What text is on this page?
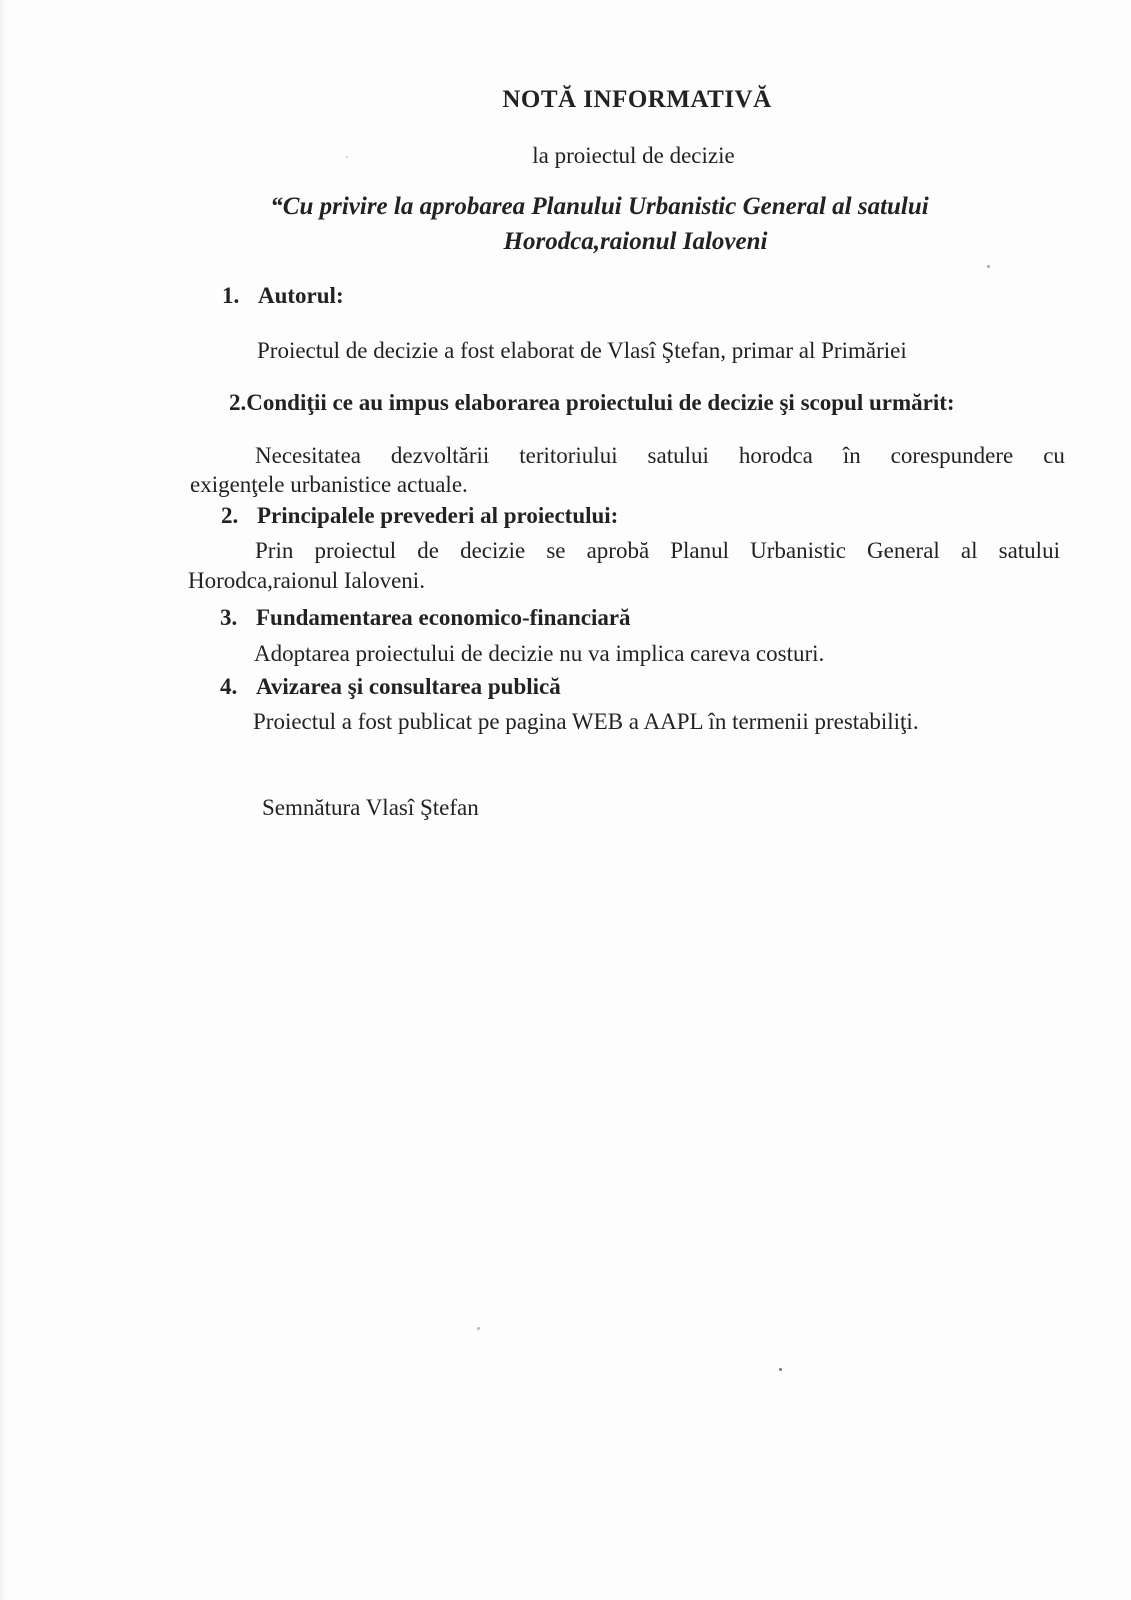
NOTĂ INFORMATIVĂ
la proiectul de decizie
“Cu privire la aprobarea Planului Urbanistic General al satului
Horodca,raionul Ialoveni
1. Autorul:
Proiectul de decizie a fost elaborat de Vlasî Ştefan, primar al Primăriei
2.Condiţii ce au impus elaborarea proiectului de decizie şi scopul urmărit:
Necesitatea dezvoltării teritoriului satului horodca în corespundere cu
exigenţele urbanistice actuale.
2. Principalele prevederi al proiectului:
Prin proiectul de decizie se aprobă Planul Urbanistic General al satului
Horodca,raionul Ialoveni.
3. Fundamentarea economico-financiară
Adoptarea proiectului de decizie nu va implica careva costuri.
4. Avizarea şi consultarea publică
Proiectul a fost publicat pe pagina WEB a AAPL în termenii prestabiliţi.
Semnătura Vlasî Ştefan
